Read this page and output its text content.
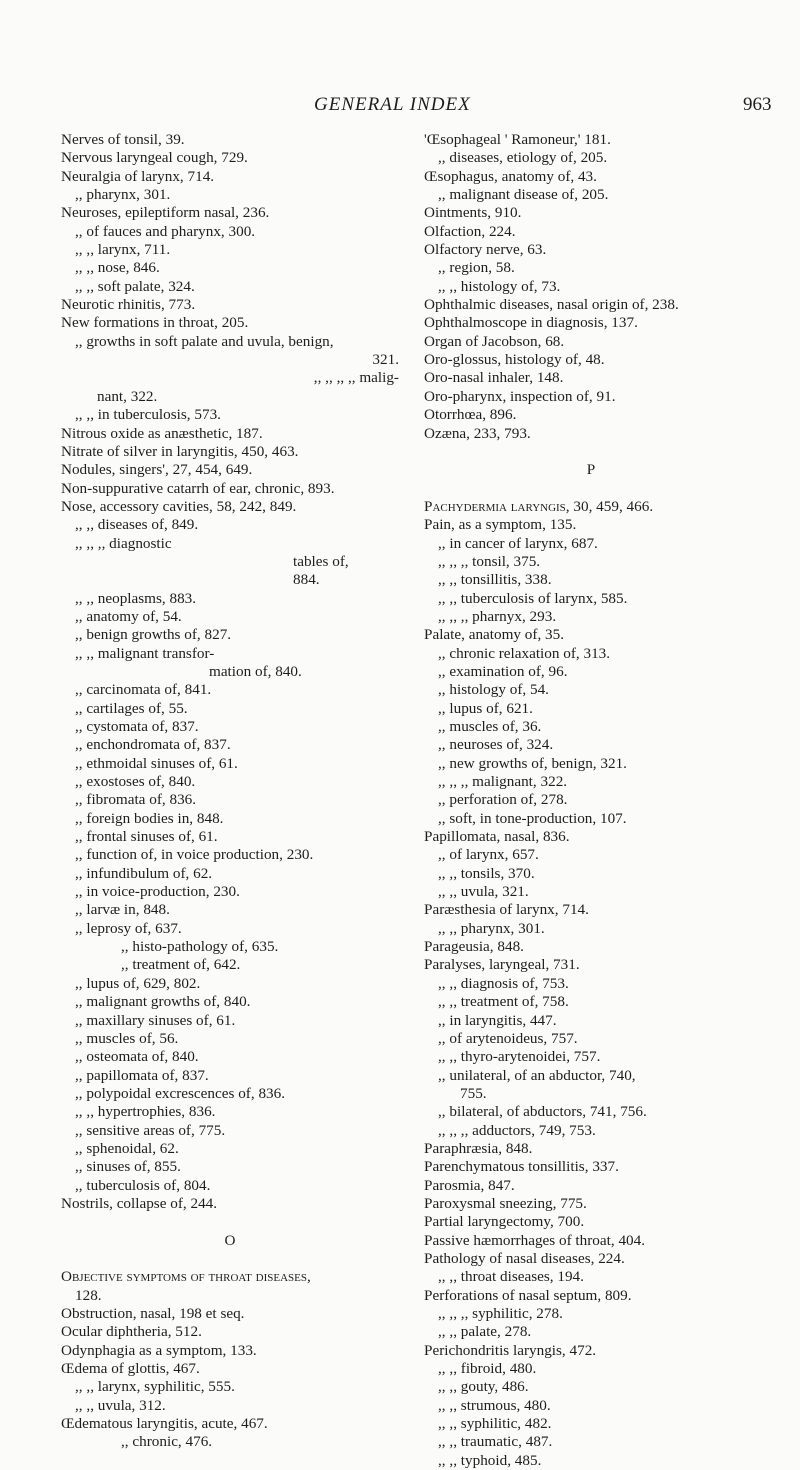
GENERAL INDEX	963
Nerves of tonsil, 39.
Nervous laryngeal cough, 729.
Neuralgia of larynx, 714.
,, pharynx, 301.
Neuroses, epileptiform nasal, 236.
,, of fauces and pharynx, 300.
,, ,, larynx, 711.
,, ,, nose, 846.
,, ,, soft palate, 324.
Neurotic rhinitis, 773.
New formations in throat, 205.
,, growths in soft palate and uvula, benign,
321.
,, ,, ,, ,, malig-
nant, 322.
,, ,, in tuberculosis, 573.
Nitrous oxide as anæsthetic, 187.
Nitrate of silver in laryngitis, 450, 463.
Nodules, singers', 27, 454, 649.
Non-suppurative catarrh of ear, chronic, 893.
Nose, accessory cavities, 58, 242, 849.
,, ,, diseases of, 849.
,, ,, ,, diagnostic
tables of,
884.
,, ,, neoplasms, 883.
,, anatomy of, 54.
,, benign growths of, 827.
,, ,, malignant transfor-
mation of, 840.
,, carcinomata of, 841.
,, cartilages of, 55.
,, cystomata of, 837.
,, enchondromata of, 837.
,, ethmoidal sinuses of, 61.
,, exostoses of, 840.
,, fibromata of, 836.
,, foreign bodies in, 848.
,, frontal sinuses of, 61.
,, function of, in voice production, 230.
,, infundibulum of, 62.
,, in voice-production, 230.
,, larvæ in, 848.
,, leprosy of, 637.
,, histo-pathology of, 635.
,, treatment of, 642.
,, lupus of, 629, 802.
,, malignant growths of, 840.
,, maxillary sinuses of, 61.
,, muscles of, 56.
,, osteomata of, 840.
,, papillomata of, 837.
,, polypoidal excrescences of, 836.
,, ,, hypertrophies, 836.
,, sensitive areas of, 775.
,, sphenoidal, 62.
,, sinuses of, 855.
,, tuberculosis of, 804.
Nostrils, collapse of, 244.
O
Objective symptoms of throat diseases,
128.
Obstruction, nasal, 198 et seq.
Ocular diphtheria, 512.
Odynphagia as a symptom, 133.
Œdema of glottis, 467.
,, ,, larynx, syphilitic, 555.
,, ,, uvula, 312.
Œdematous laryngitis, acute, 467.
,, chronic, 476.
'Œsophageal ' Ramoneur,' 181.
,, diseases, etiology of, 205.
Œsophagus, anatomy of, 43.
,, malignant disease of, 205.
Ointments, 910.
Olfaction, 224.
Olfactory nerve, 63.
,, region, 58.
,, ,, histology of, 73.
Ophthalmic diseases, nasal origin of, 238.
Ophthalmoscope in diagnosis, 137.
Organ of Jacobson, 68.
Oro-glossus, histology of, 48.
Oro-nasal inhaler, 148.
Oro-pharynx, inspection of, 91.
Otorrhœa, 896.
Ozæna, 233, 793.
P
Pachydermia laryngis, 30, 459, 466.
Pain, as a symptom, 135.
,, in cancer of larynx, 687.
,, ,, ,, tonsil, 375.
,, ,, tonsillitis, 338.
,, ,, tuberculosis of larynx, 585.
,, ,, ,, pharnyx, 293.
Palate, anatomy of, 35.
,, chronic relaxation of, 313.
,, examination of, 96.
,, histology of, 54.
,, lupus of, 621.
,, muscles of, 36.
,, neuroses of, 324.
,, new growths of, benign, 321.
,, ,, ,, malignant, 322.
,, perforation of, 278.
,, soft, in tone-production, 107.
Papillomata, nasal, 836.
,, of larynx, 657.
,, ,, tonsils, 370.
,, ,, uvula, 321.
Paræsthesia of larynx, 714.
,, ,, pharynx, 301.
Parageusia, 848.
Paralyses, laryngeal, 731.
,, ,, diagnosis of, 753.
,, ,, treatment of, 758.
,, in laryngitis, 447.
,, of arytenoideus, 757.
,, ,, thyro-arytenoidei, 757.
,, unilateral, of an abductor, 740,
755.
,, bilateral, of abductors, 741, 756.
,, ,, ,, adductors, 749, 753.
Paraphræsia, 848.
Parenchymatous tonsillitis, 337.
Parosmia, 847.
Paroxysmal sneezing, 775.
Partial laryngectomy, 700.
Passive hæmorrhages of throat, 404.
Pathology of nasal diseases, 224.
,, ,, throat diseases, 194.
Perforations of nasal septum, 809.
,, ,, ,, syphilitic, 278.
,, ,, palate, 278.
Perichondritis laryngis, 472.
,, ,, fibroid, 480.
,, ,, gouty, 486.
,, ,, strumous, 480.
,, ,, syphilitic, 482.
,, ,, traumatic, 487.
,, ,, typhoid, 485.
